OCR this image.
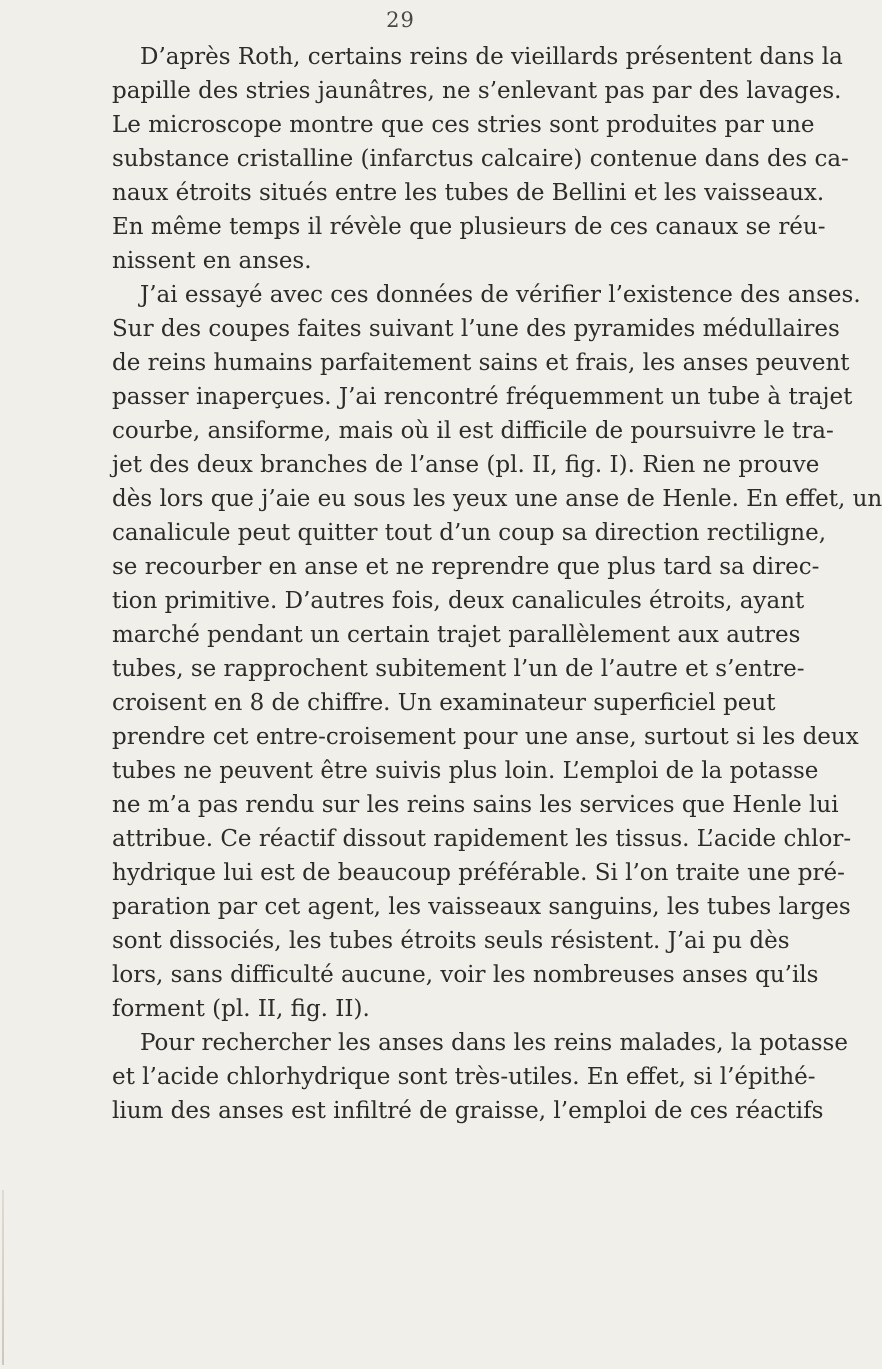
29
D’après Roth, certains reins de vieillards présentent dans la
papille des stries jaunâtres, ne s’enlevant pas par des lavages.
Le microscope montre que ces stries sont produites par une
substance cristalline (infarctus calcaire) contenue dans des ca-
naux étroits situés entre les tubes de Bellini et les vaisseaux.
En même temps il révèle que plusieurs de ces canaux se réu-
nissent en anses.
J’ai essayé avec ces données de vérifier l’existence des anses.
Sur des coupes faites suivant l’une des pyramides médullaires
de reins humains parfaitement sains et frais, les anses peuvent
passer inaperçues. J’ai rencontré fréquemment un tube à trajet
courbe, ansiforme, mais où il est difficile de poursuivre le tra-
jet des deux branches de l’anse (pl. II, fig. I). Rien ne prouve
dès lors que j’aie eu sous les yeux une anse de Henle. En effet, un
canalicule peut quitter tout d’un coup sa direction rectiligne,
se recourber en anse et ne reprendre que plus tard sa direc-
tion primitive. D’autres fois, deux canalicules étroits, ayant
marché pendant un certain trajet parallèlement aux autres
tubes, se rapprochent subitement l’un de l’autre et s’entre-
croisent en 8 de chiffre. Un examinateur superficiel peut
prendre cet entre-croisement pour une anse, surtout si les deux
tubes ne peuvent être suivis plus loin. L’emploi de la potasse
ne m’a pas rendu sur les reins sains les services que Henle lui
attribue. Ce réactif dissout rapidement les tissus. L’acide chlor-
hydrique lui est de beaucoup préférable. Si l’on traite une pré-
paration par cet agent, les vaisseaux sanguins, les tubes larges
sont dissociés, les tubes étroits seuls résistent. J’ai pu dès
lors, sans difficulté aucune, voir les nombreuses anses qu’ils
forment (pl. II, fig. II).
Pour rechercher les anses dans les reins malades, la potasse
et l’acide chlorhydrique sont très-utiles. En effet, si l’épithé-
lium des anses est infiltré de graisse, l’emploi de ces réactifs
